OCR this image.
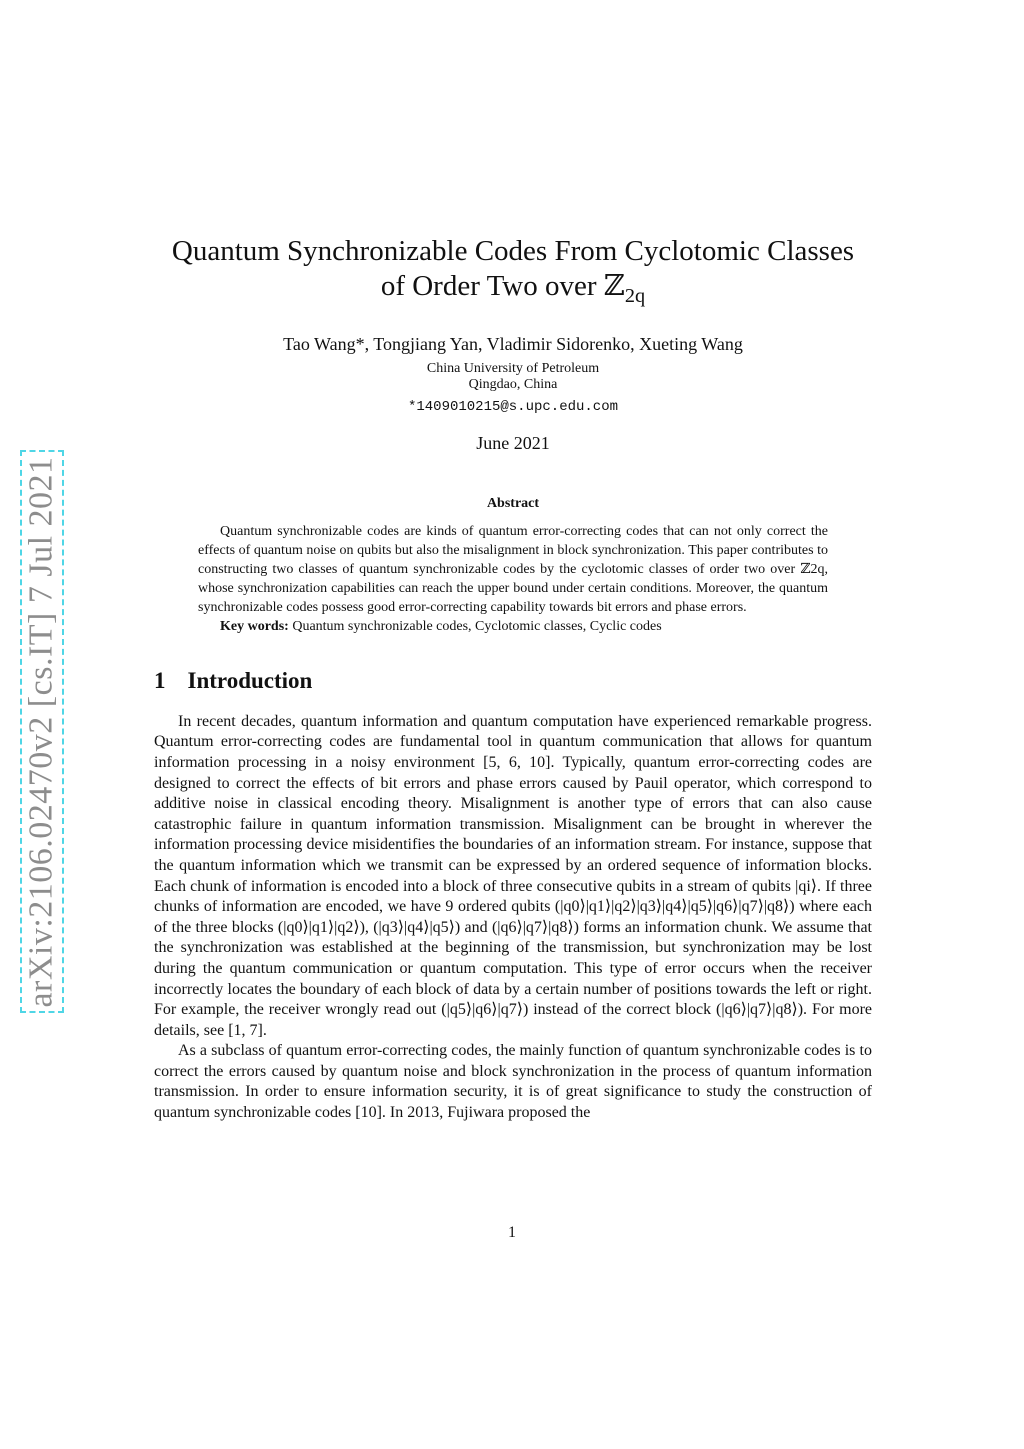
arXiv:2106.02470v2 [cs.IT] 7 Jul 2021
Quantum Synchronizable Codes From Cyclotomic Classes
of Order Two over ℤ$_{2q}$
Tao Wang*, Tongjiang Yan, Vladimir Sidorenko, Xueting Wang
China University of Petroleum
Qingdao, China
*1409010215@s.upc.edu.com
June 2021
Abstract

Quantum synchronizable codes are kinds of quantum error-correcting codes that can not only correct the effects of quantum noise on qubits but also the misalignment in block synchronization. This paper contributes to constructing two classes of quantum synchronizable codes by the cyclotomic classes of order two over ℤ2q, whose synchronization capabilities can reach the upper bound under certain conditions. Moreover, the quantum synchronizable codes possess good error-correcting capability towards bit errors and phase errors.

Key words: Quantum synchronizable codes, Cyclotomic classes, Cyclic codes
1 Introduction

In recent decades, quantum information and quantum computation have experienced remarkable progress. Quantum error-correcting codes are fundamental tool in quantum communication that allows for quantum information processing in a noisy environment [5, 6, 10]. Typically, quantum error-correcting codes are designed to correct the effects of bit errors and phase errors caused by Pauil operator, which correspond to additive noise in classical encoding theory. Misalignment is another type of errors that can also cause catastrophic failure in quantum information transmission. Misalignment can be brought in wherever the information processing device misidentifies the boundaries of an information stream. For instance, suppose that the quantum information which we transmit can be expressed by an ordered sequence of information blocks. Each chunk of information is encoded into a block of three consecutive qubits in a stream of qubits |qi⟩. If three chunks of information are encoded, we have 9 ordered qubits (|q0⟩|q1⟩|q2⟩|q3⟩|q4⟩|q5⟩|q6⟩|q7⟩|q8⟩) where each of the three blocks (|q0⟩|q1⟩|q2⟩), (|q3⟩|q4⟩|q5⟩) and (|q6⟩|q7⟩|q8⟩) forms an information chunk. We assume that the synchronization was established at the beginning of the transmission, but synchronization may be lost during the quantum communication or quantum computation. This type of error occurs when the receiver incorrectly locates the boundary of each block of data by a certain number of positions towards the left or right. For example, the receiver wrongly read out (|q5⟩|q6⟩|q7⟩) instead of the correct block (|q6⟩|q7⟩|q8⟩). For more details, see [1, 7].

As a subclass of quantum error-correcting codes, the mainly function of quantum synchronizable codes is to correct the errors caused by quantum noise and block synchronization in the process of quantum information transmission. In order to ensure information security, it is of great significance to study the construction of quantum synchronizable codes [10]. In 2013, Fujiwara proposed the

1
